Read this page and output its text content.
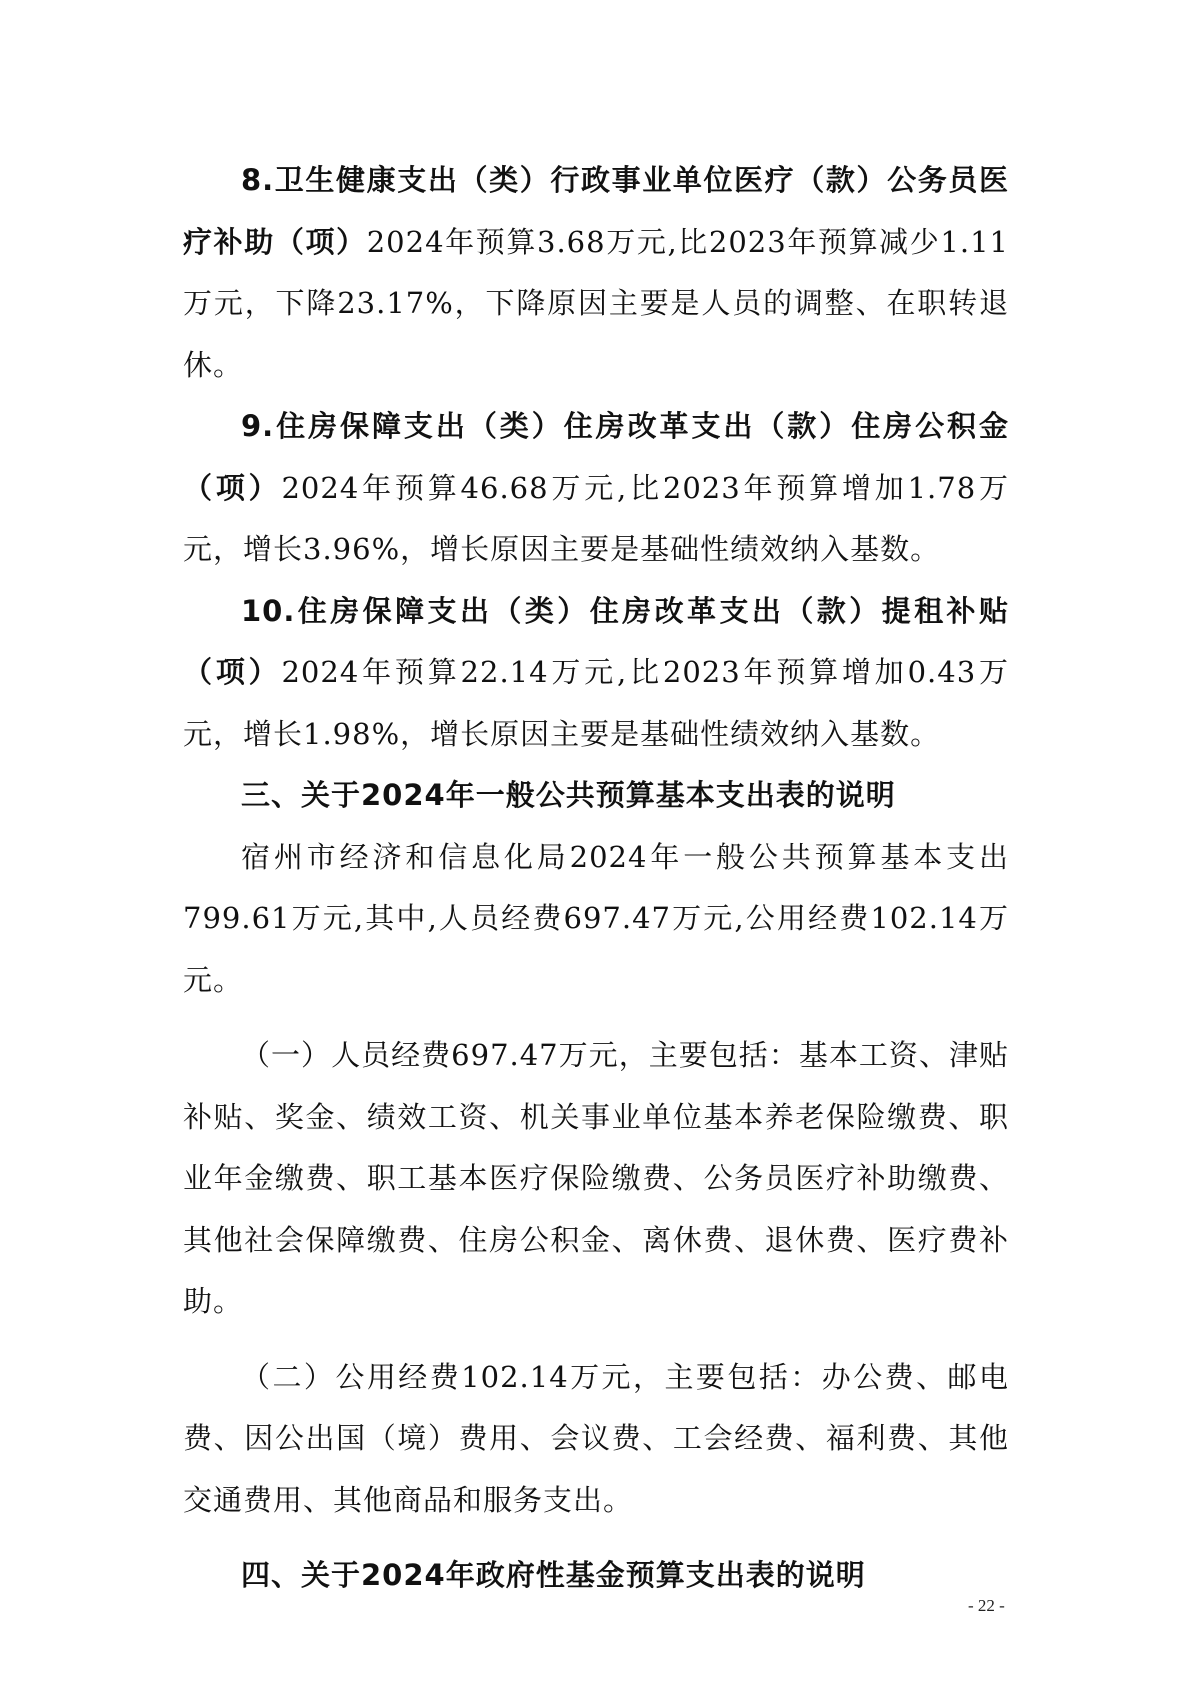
8.卫生健康支出（类）行政事业单位医疗（款）公务员医疗补助（项）2024年预算3.68万元,比2023年预算减少1.11万元，下降23.17%，下降原因主要是人员的调整、在职转退休。

9.住房保障支出（类）住房改革支出（款）住房公积金（项）2024年预算46.68万元,比2023年预算增加1.78万元，增长3.96%，增长原因主要是基础性绩效纳入基数。

10.住房保障支出（类）住房改革支出（款）提租补贴（项）2024年预算22.14万元,比2023年预算增加0.43万元，增长1.98%，增长原因主要是基础性绩效纳入基数。

三、关于2024年一般公共预算基本支出表的说明

宿州市经济和信息化局2024年一般公共预算基本支出799.61万元,其中,人员经费697.47万元,公用经费102.14万元。

（一）人员经费697.47万元，主要包括：基本工资、津贴补贴、奖金、绩效工资、机关事业单位基本养老保险缴费、职业年金缴费、职工基本医疗保险缴费、公务员医疗补助缴费、其他社会保障缴费、住房公积金、离休费、退休费、医疗费补助。

（二）公用经费102.14万元，主要包括：办公费、邮电费、因公出国（境）费用、会议费、工会经费、福利费、其他交通费用、其他商品和服务支出。

四、关于2024年政府性基金预算支出表的说明

- 22 -
